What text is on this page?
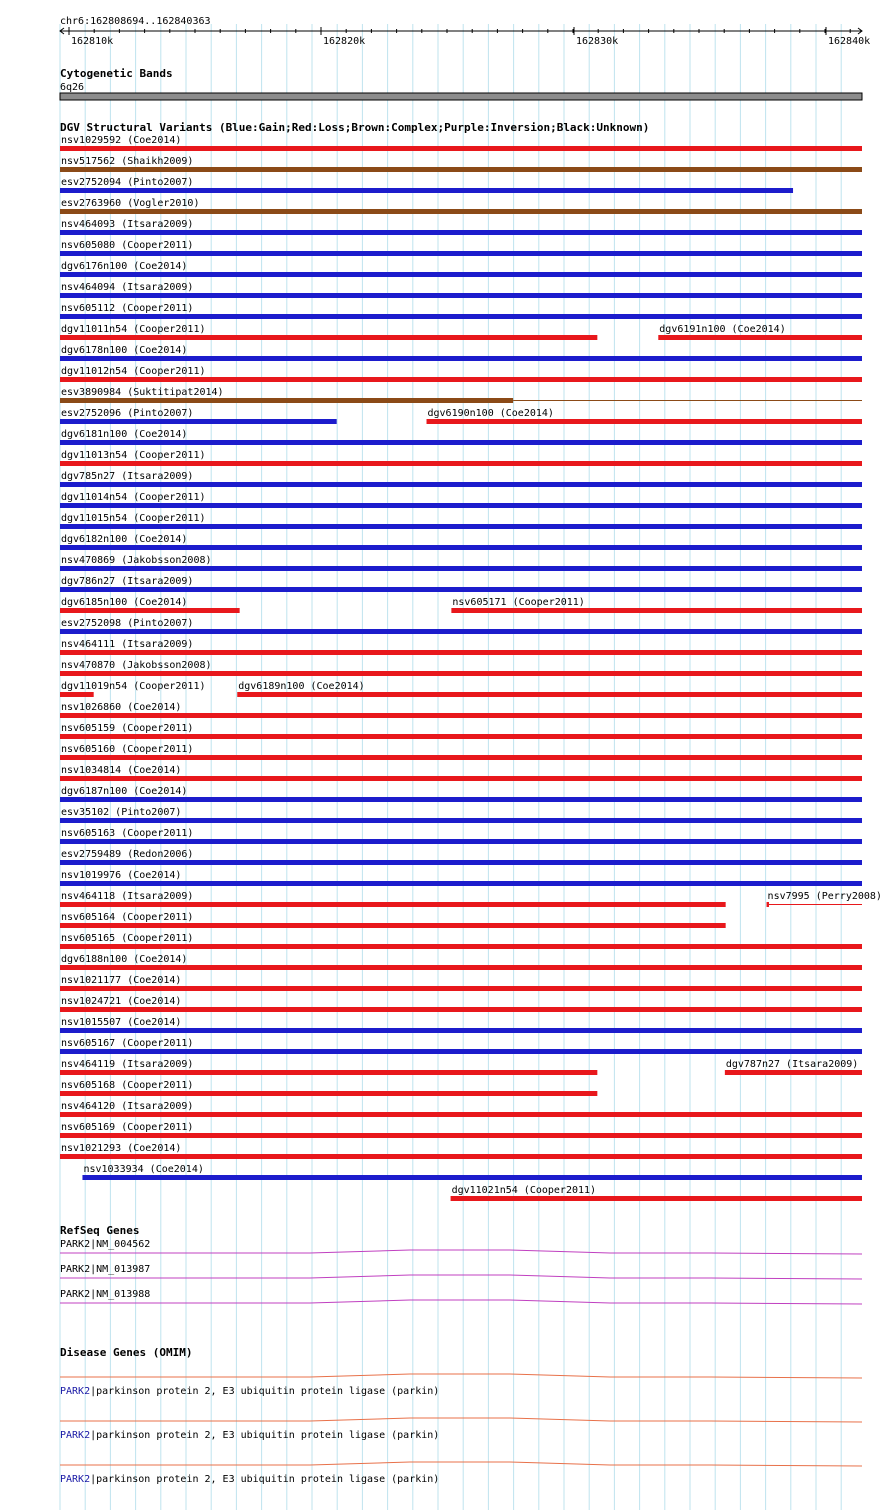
chr6:162808694..162840363
162810k	162820k	162830k	162840k
Cytogenetic Bands
6q26
DGV Structural Variants (Blue:Gain;Red:Loss;Brown:Complex;Purple:Inversion;Black:Unknown)
nsv1029592 (Coe2014)
nsv517562 (Shaikh2009)
esv2752094 (Pinto2007)
esv2763960 (Vogler2010)
nsv464093 (Itsara2009)
nsv605080 (Cooper2011)
dgv6176n100 (Coe2014)
nsv464094 (Itsara2009)
nsv605112 (Cooper2011)
dgv11011n54 (Cooper2011)	dgv6191n100 (Coe2014)
dgv6178n100 (Coe2014)
dgv11012n54 (Cooper2011)
esv3890984 (Suktitipat2014)
esv2752096 (Pinto2007)	dgv6190n100 (Coe2014)
dgv6181n100 (Coe2014)
dgv11013n54 (Cooper2011)
dgv785n27 (Itsara2009)
dgv11014n54 (Cooper2011)
dgv11015n54 (Cooper2011)
dgv6182n100 (Coe2014)
nsv470869 (Jakobsson2008)
dgv786n27 (Itsara2009)
dgv6185n100 (Coe2014)	nsv605171 (Cooper2011)
esv2752098 (Pinto2007)
nsv464111 (Itsara2009)
nsv470870 (Jakobsson2008)
dgv11019n54 (Cooper2011)	dgv6189n100 (Coe2014)
nsv1026860 (Coe2014)
nsv605159 (Cooper2011)
nsv605160 (Cooper2011)
nsv1034814 (Coe2014)
dgv6187n100 (Coe2014)
esv35102 (Pinto2007)
nsv605163 (Cooper2011)
esv2759489 (Redon2006)
nsv1019976 (Coe2014)
nsv464118 (Itsara2009)	nsv7995 (Perry2008)
nsv605164 (Cooper2011)
nsv605165 (Cooper2011)
dgv6188n100 (Coe2014)
nsv1021177 (Coe2014)
nsv1024721 (Coe2014)
nsv1015507 (Coe2014)
nsv605167 (Cooper2011)
nsv464119 (Itsara2009)	dgv787n27 (Itsara2009)
nsv605168 (Cooper2011)
nsv464120 (Itsara2009)
nsv605169 (Cooper2011)
nsv1021293 (Coe2014)
nsv1033934 (Coe2014)
dgv11021n54 (Cooper2011)
RefSeq Genes
PARK2|NM_004562
PARK2|NM_013987
PARK2|NM_013988
Disease Genes (OMIM)
PARK2|parkinson protein 2, E3 ubiquitin protein ligase (parkin)
PARK2|parkinson protein 2, E3 ubiquitin protein ligase (parkin)
PARK2|parkinson protein 2, E3 ubiquitin protein ligase (parkin)
